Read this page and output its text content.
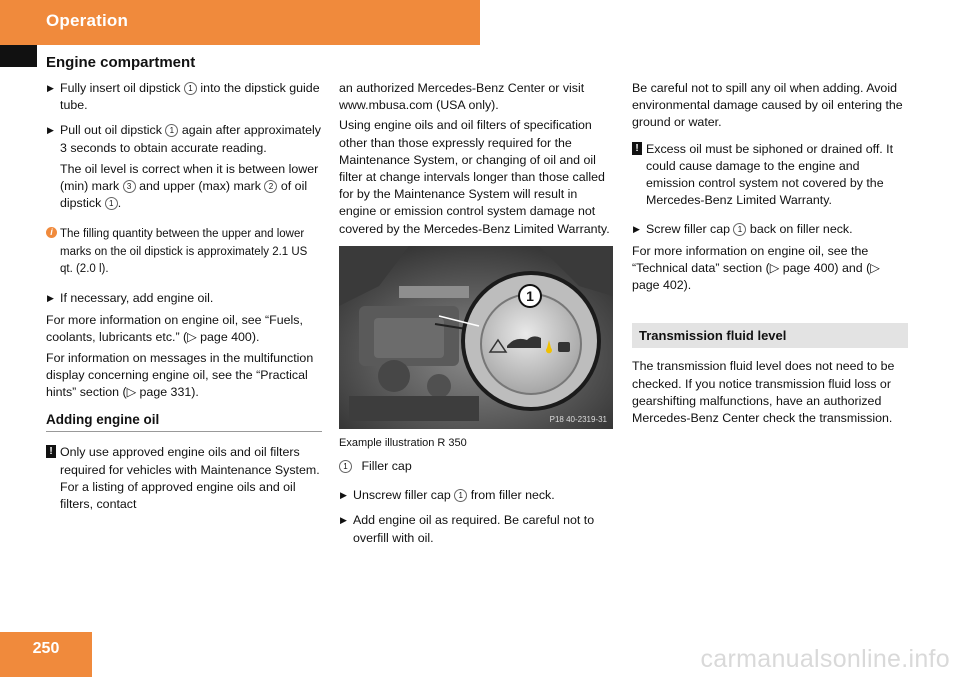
Operation
Engine compartment
▶ Fully insert oil dipstick 1 into the dipstick guide tube.
▶ Pull out oil dipstick 1 again after approximately 3 seconds to obtain accurate reading.

The oil level is correct when it is between lower (min) mark 3 and upper (max) mark 2 of oil dipstick 1 .

i The filling quantity between the upper and lower marks on the oil dipstick is approximately 2.1 US qt. (2.0 l).
▶ If necessary, add engine oil.

For more information on engine oil, see “Fuels, coolants, lubricants etc.” (▷ page 400).

For information on messages in the multifunction display concerning engine oil, see the “Practical hints” section (▷ page 331).

Adding engine oil
! Only use approved engine oils and oil filters required for vehicles with Maintenance System. For a listing of approved engine oils and oil filters, contact

an authorized Mercedes-Benz Center or visit www.mbusa.com (USA only).

Using engine oils and oil filters of specification other than those expressly required for the Maintenance System, or changing of oil and oil filter at change intervals longer than those called for by the Maintenance System will result in engine or emission control system damage not covered by the Mercedes-Benz Limited Warranty.

1
P18 40-2319-31
Example illustration R 350
1 Filler cap
▶ Unscrew filler cap 1 from filler neck.
▶ Add engine oil as required. Be careful not to overfill with oil.

Be careful not to spill any oil when adding. Avoid environmental damage caused by oil entering the ground or water.

! Excess oil must be siphoned or drained off. It could cause damage to the engine and emission control system not covered by the Mercedes-Benz Limited Warranty.
▶ Screw filler cap 1 back on filler neck.

For more information on engine oil, see the “Technical data” section (▷ page 400) and (▷ page 402).

Transmission fluid level

The transmission fluid level does not need to be checked. If you notice transmission fluid loss or gearshifting malfunctions, have an authorized Mercedes-Benz Center check the transmission.

250	carmanualsonline.info
